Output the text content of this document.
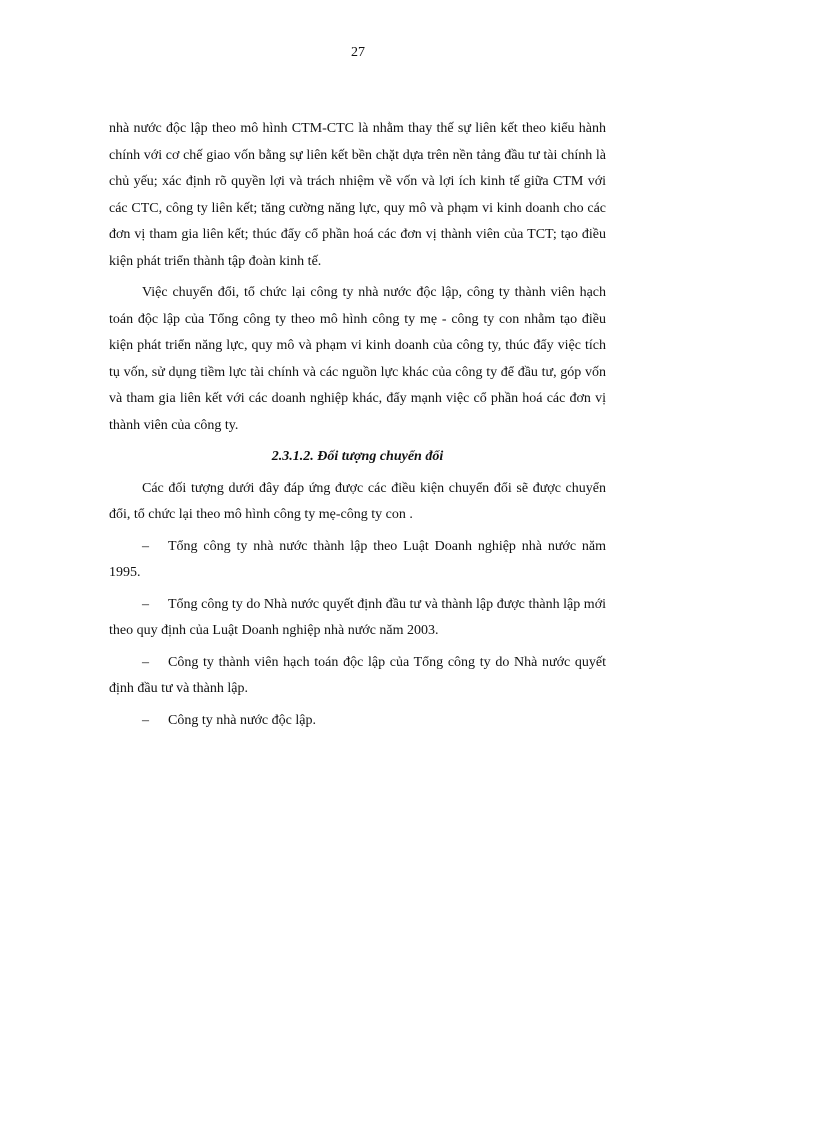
27

nhà nước độc lập theo mô hình CTM-CTC là nhằm thay thế sự liên kết theo kiểu hành chính với cơ chế giao vốn bằng sự liên kết bền chặt dựa trên nền tảng đầu tư tài chính là chủ yếu; xác định rõ quyền lợi và trách nhiệm về vốn và lợi ích kinh tế giữa CTM với các CTC, công ty liên kết; tăng cường năng lực, quy mô và phạm vi kinh doanh cho các đơn vị tham gia liên kết; thúc đẩy cổ phần hoá các đơn vị thành viên của TCT; tạo điều kiện phát triển thành tập đoàn kinh tế.

Việc chuyển đổi, tổ chức lại công ty nhà nước độc lập, công ty thành viên hạch toán độc lập của Tổng công ty theo mô hình công ty mẹ - công ty con nhằm tạo điều kiện phát triển năng lực, quy mô và phạm vi kinh doanh của công ty, thúc đẩy việc tích tụ vốn, sử dụng tiềm lực tài chính và các nguồn lực khác của công ty để đầu tư, góp vốn và tham gia liên kết với các doanh nghiệp khác, đẩy mạnh việc cổ phần hoá các đơn vị thành viên của công ty.

2.3.1.2. Đối tượng chuyển đổi

Các đối tượng dưới đây đáp ứng được các điều kiện chuyển đổi sẽ được chuyển đổi, tổ chức lại theo mô hình công ty mẹ-công ty con .

– Tổng công ty nhà nước thành lập theo Luật Doanh nghiệp nhà nước năm 1995.

– Tổng công ty do Nhà nước quyết định đầu tư và thành lập được thành lập mới theo quy định của Luật Doanh nghiệp nhà nước năm 2003.

– Công ty thành viên hạch toán độc lập của Tổng công ty do Nhà nước quyết định đầu tư và thành lập.

– Công ty nhà nước độc lập.
